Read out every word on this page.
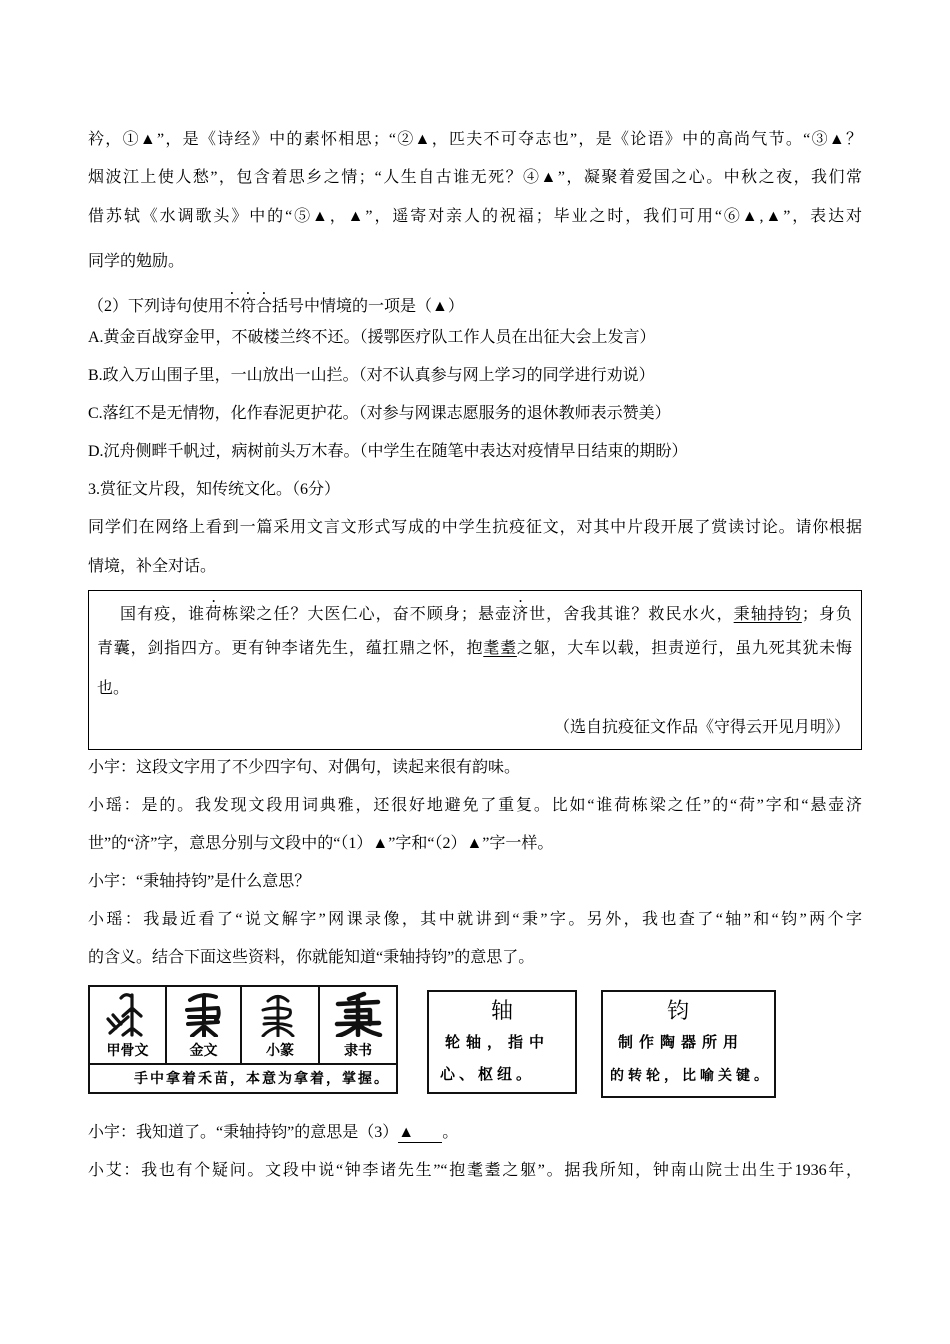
衿，①▲”，是《诗经》中的素怀相思；“②▲，匹夫不可夺志也”，是《论语》中的高尚气节。“③▲？
烟波江上使人愁”，包含着思乡之情；“人生自古谁无死？④▲”，凝聚着爱国之心。中秋之夜，我们常
借苏轼《水调歌头》中的“⑤▲，▲”，遥寄对亲人的祝福；毕业之时，我们可用“⑥▲,▲”，表达对
同学的勉励。
（2）下列诗句使用不符合括号中情境的一项是（▲）
A.黄金百战穿金甲，不破楼兰终不还。（援鄂医疗队工作人员在出征大会上发言）
B.政入万山围子里，一山放出一山拦。（对不认真参与网上学习的同学进行劝说）
C.落红不是无情物，化作春泥更护花。（对参与网课志愿服务的退休教师表示赞美）
D.沉舟侧畔千帆过，病树前头万木春。（中学生在随笔中表达对疫情早日结束的期盼）
3.赏征文片段，知传统文化。（6分）
同学们在网络上看到一篇采用文言文形式写成的中学生抗疫征文，对其中片段开展了赏读讨论。请你根据
情境，补全对话。
国有疫，谁荷栋梁之任？大医仁心，奋不顾身；悬壶济世，舍我其谁？救民水火，秉轴持钧；身负
青囊，剑指四方。更有钟李诸先生，蕴扛鼎之怀，抱耄耋之躯，大车以载，担责逆行，虽九死其犹未悔
也。
（选自抗疫征文作品《守得云开见月明》）
小宇：这段文字用了不少四字句、对偶句，读起来很有韵味。
小瑶：是的。我发现文段用词典雅，还很好地避免了重复。比如“谁荷栋梁之任”的“荷”字和“悬壶济
世”的“济”字，意思分别与文段中的“（1）▲”字和“（2）▲”字一样。
小宇：“秉轴持钧”是什么意思？
小瑶：我最近看了“说文解字”网课录像，其中就讲到“秉”字。另外，我也查了“轴”和“钧”两个字
的含义。结合下面这些资料，你就能知道“秉轴持钧”的意思了。
甲骨文	金文	小篆	隶书
手中拿着禾苗，本意为拿着，掌握。
轴
轮轴，指中
心、枢纽。
钧
制作陶器所用
的转轮，比喻关键。
小宇：我知道了。“秉轴持钧”的意思是（3）▲ 。
小艾：我也有个疑问。文段中说“钟李诸先生”“抱耄耋之躯”。据我所知，钟南山院士出生于1936年，
